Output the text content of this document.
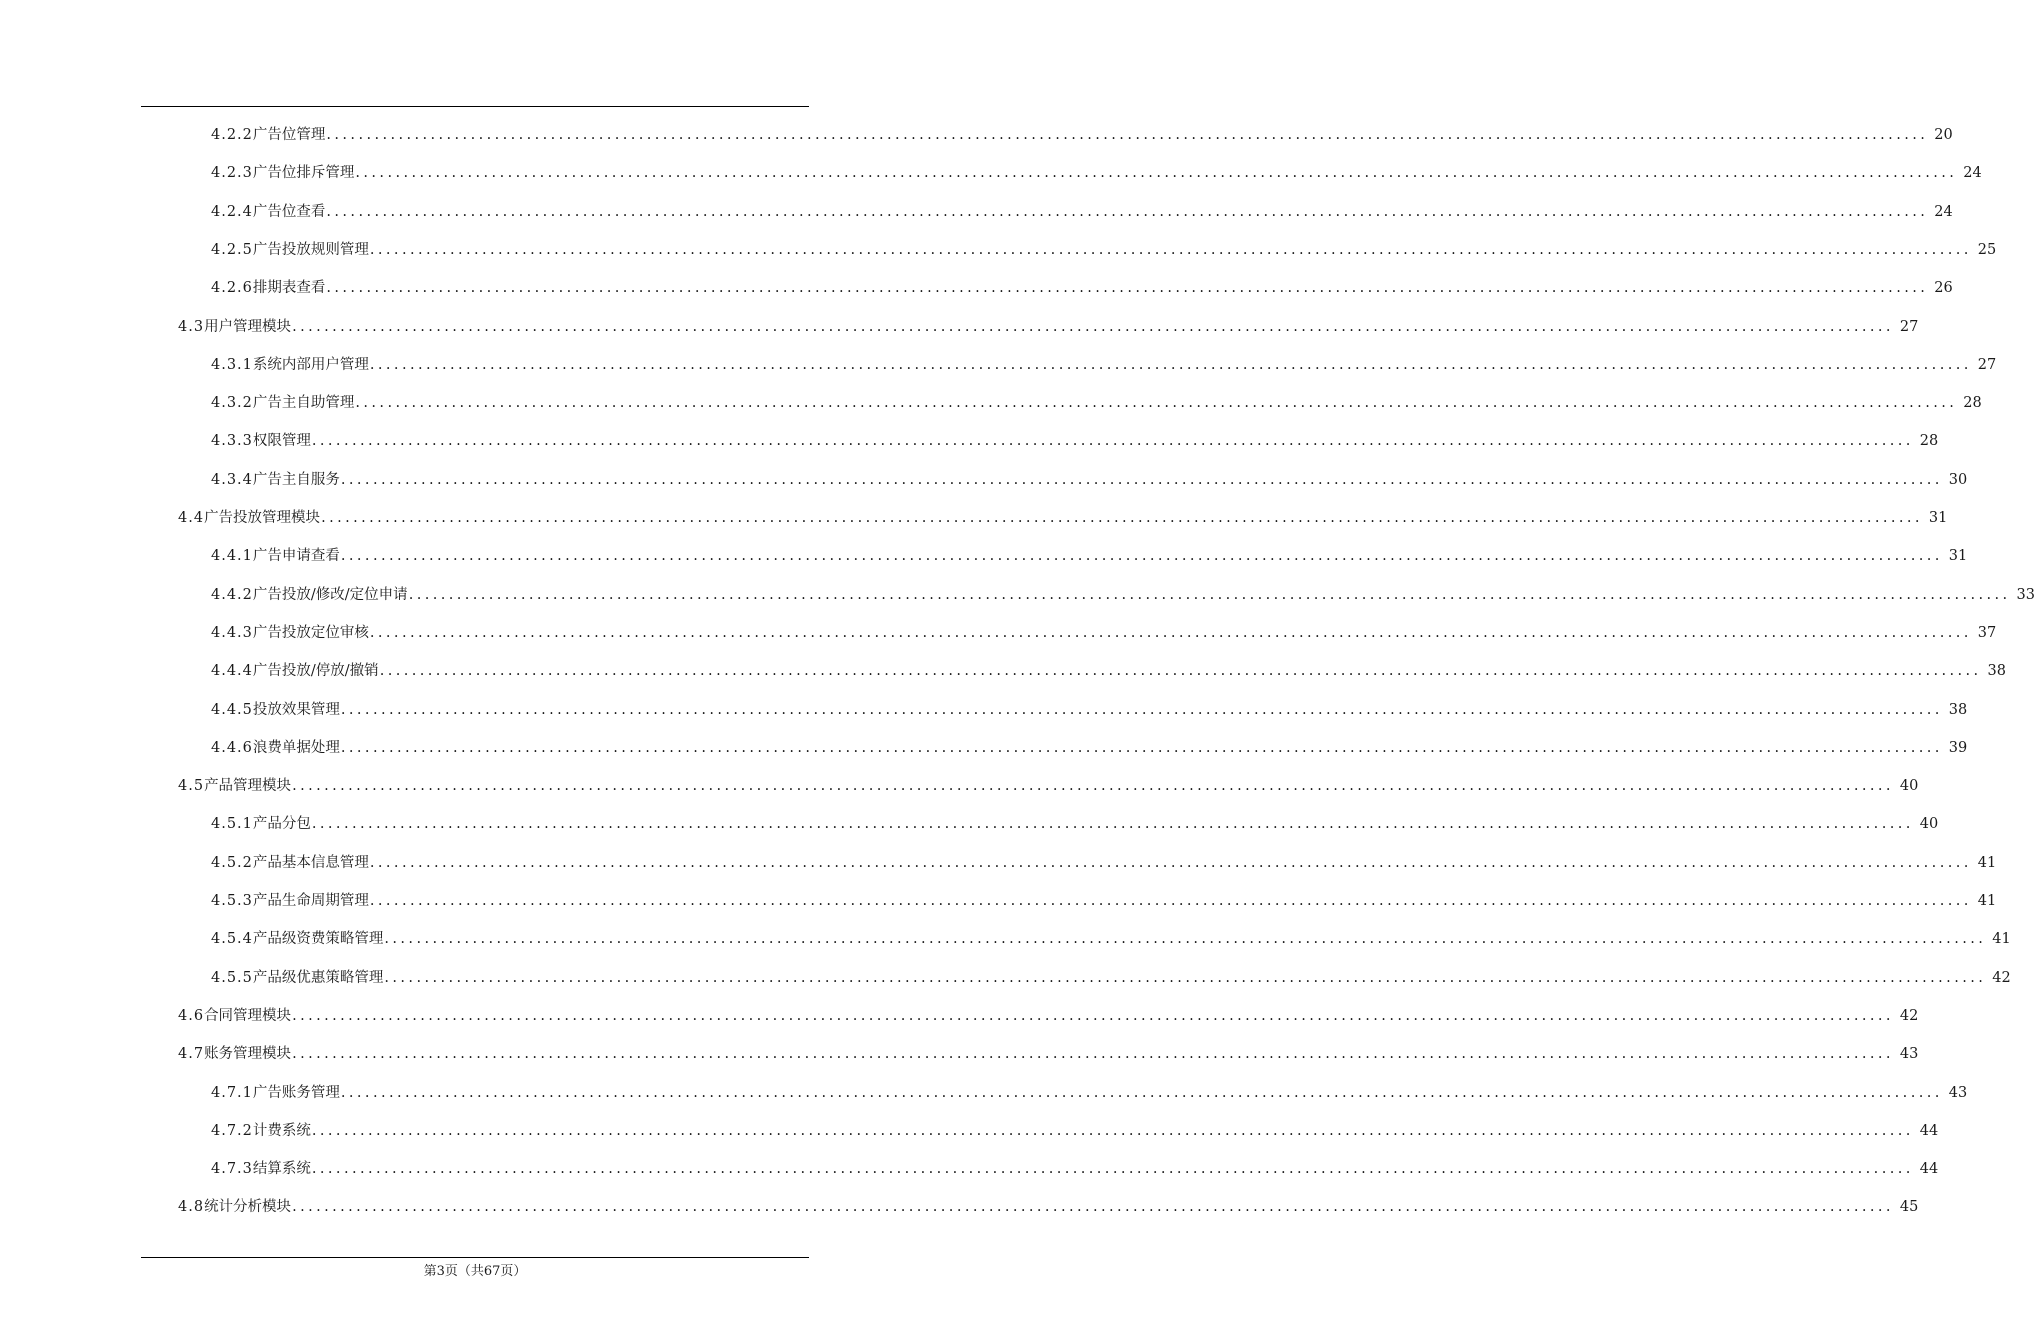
4.2.2 广告位管理 ........................................................................................................................................................................................................ 20
4.2.3 广告位排斥管理 ........................................................................................................................................................................................................ 24
4.2.4 广告位查看 ........................................................................................................................................................................................................ 24
4.2.5 广告投放规则管理 ........................................................................................................................................................................................................ 25
4.2.6 排期表查看 ........................................................................................................................................................................................................ 26
4.3 用户管理模块 ........................................................................................................................................................................................................ 27
4.3.1 系统内部用户管理 ........................................................................................................................................................................................................ 27
4.3.2 广告主自助管理 ........................................................................................................................................................................................................ 28
4.3.3 权限管理 ........................................................................................................................................................................................................ 28
4.3.4 广告主自服务 ........................................................................................................................................................................................................ 30
4.4 广告投放管理模块 ........................................................................................................................................................................................................ 31
4.4.1 广告申请查看 ........................................................................................................................................................................................................ 31
4.4.2 广告投放/修改/定位申请 ........................................................................................................................................................................................................ 33
4.4.3 广告投放定位审核 ........................................................................................................................................................................................................ 37
4.4.4 广告投放/停放/撤销 ........................................................................................................................................................................................................ 38
4.4.5 投放效果管理 ........................................................................................................................................................................................................ 38
4.4.6 浪费单据处理 ........................................................................................................................................................................................................ 39
4.5 产品管理模块 ........................................................................................................................................................................................................ 40
4.5.1 产品分包 ........................................................................................................................................................................................................ 40
4.5.2 产品基本信息管理 ........................................................................................................................................................................................................ 41
4.5.3 产品生命周期管理 ........................................................................................................................................................................................................ 41
4.5.4 产品级资费策略管理 ........................................................................................................................................................................................................ 41
4.5.5 产品级优惠策略管理 ........................................................................................................................................................................................................ 42
4.6 合同管理模块 ........................................................................................................................................................................................................ 42
4.7 账务管理模块 ........................................................................................................................................................................................................ 43
4.7.1 广告账务管理 ........................................................................................................................................................................................................ 43
4.7.2 计费系统 ........................................................................................................................................................................................................ 44
4.7.3 结算系统 ........................................................................................................................................................................................................ 44
4.8 统计分析模块 ........................................................................................................................................................................................................ 45
第3页（共67页）
